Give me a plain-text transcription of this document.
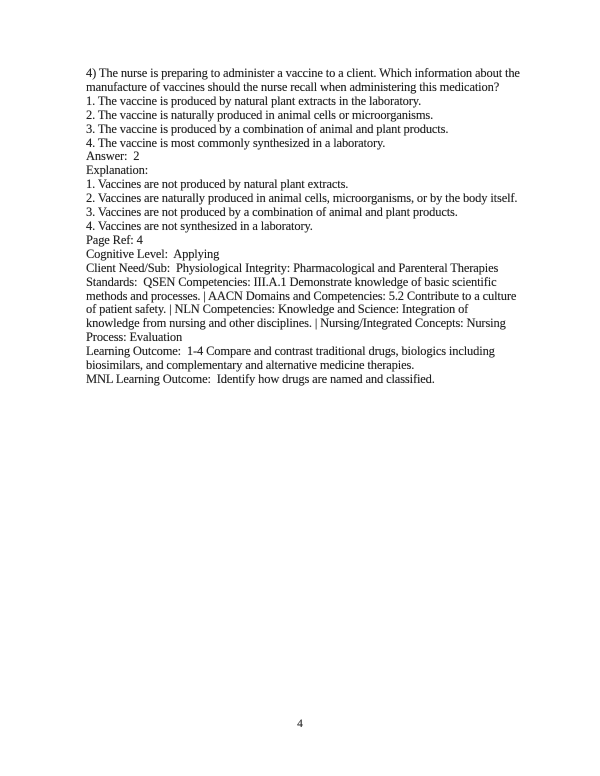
4) The nurse is preparing to administer a vaccine to a client. Which information about the
manufacture of vaccines should the nurse recall when administering this medication?
1. The vaccine is produced by natural plant extracts in the laboratory.
2. The vaccine is naturally produced in animal cells or microorganisms.
3. The vaccine is produced by a combination of animal and plant products.
4. The vaccine is most commonly synthesized in a laboratory.
Answer:  2
Explanation:
1. Vaccines are not produced by natural plant extracts.
2. Vaccines are naturally produced in animal cells, microorganisms, or by the body itself.
3. Vaccines are not produced by a combination of animal and plant products.
4. Vaccines are not synthesized in a laboratory.
Page Ref: 4
Cognitive Level:  Applying
Client Need/Sub:  Physiological Integrity: Pharmacological and Parenteral Therapies
Standards:  QSEN Competencies: III.A.1 Demonstrate knowledge of basic scientific
methods and processes. | AACN Domains and Competencies: 5.2 Contribute to a culture
of patient safety. | NLN Competencies: Knowledge and Science: Integration of
knowledge from nursing and other disciplines. | Nursing/Integrated Concepts: Nursing
Process: Evaluation
Learning Outcome:  1-4 Compare and contrast traditional drugs, biologics including
biosimilars, and complementary and alternative medicine therapies.
MNL Learning Outcome:  Identify how drugs are named and classified.
4
